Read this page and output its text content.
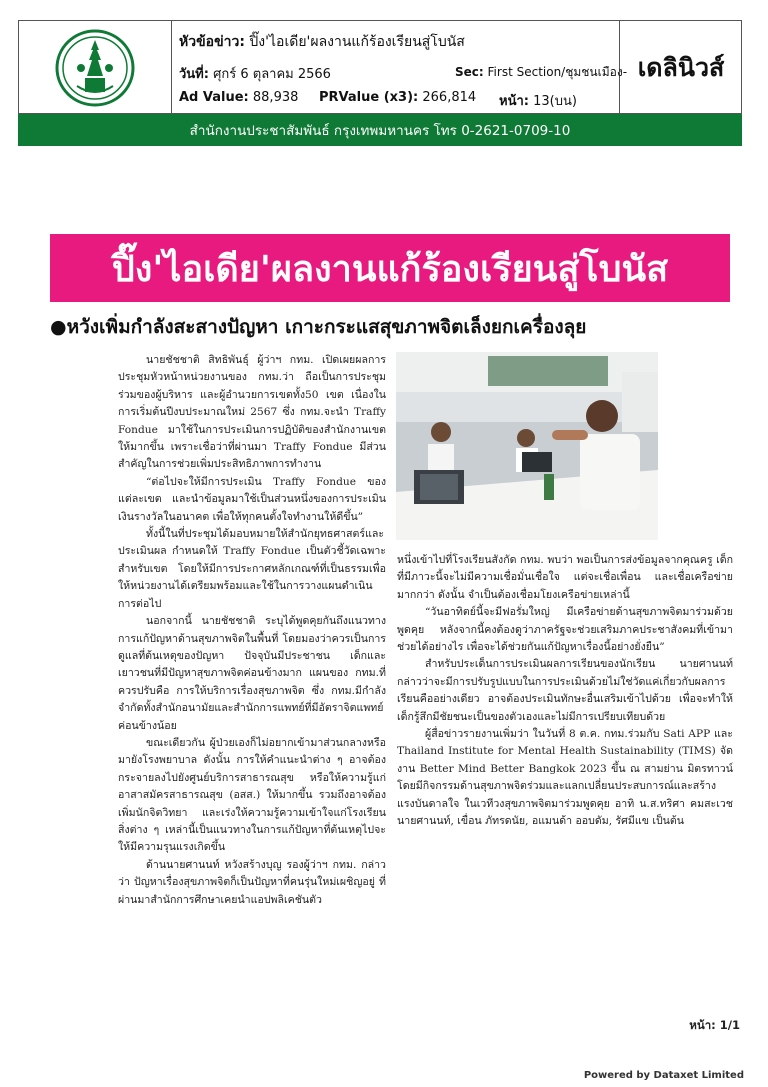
หัวข้อข่าว: ปิ๊ง'ไอเดีย'ผลงานแก้ร้องเรียนสู่โบนัส
วันที่: ศุกร์ 6 ตุลาคม 2566	Sec: First Section/ชุมชนเมือง-
Ad Value: 88,938 PRValue (x3): 266,814 หน้า: 13(บน)
เดลินิวส์
สำนักงานประชาสัมพันธ์ กรุงเทพมหานคร โทร 0-2621-0709-10
ปิ๊ง'ไอเดีย'ผลงานแก้ร้องเรียนสู่โบนัส
●หวังเพิ่มกำลังสะสางปัญหา เกาะกระแสสุขภาพจิตเล็งยกเครื่องลุย

นายชัชชาติ สิทธิพันธุ์ ผู้ว่าฯ กทม. เปิดเผยผลการประชุมหัวหน้าหน่วยงานของ กทม.ว่า ถือเป็นการประชุมร่วมของผู้บริหาร และผู้อำนวยการเขตทั้ง50 เขต เนื่องในการเริ่มต้นปีงบประมาณใหม่ 2567 ซึ่ง กทม.จะนำ Traffy Fondue มาใช้ในการประเมินการปฏิบัติของสำนักงานเขตให้มากขึ้น เพราะเชื่อว่าที่ผ่านมา Traffy Fondue มีส่วนสำคัญในการช่วยเพิ่มประสิทธิภาพการทำงาน

“ต่อไปจะให้มีการประเมิน Traffy Fondue ของแต่ละเขต และนำข้อมูลมาใช้เป็นส่วนหนึ่งของการประเมินเงินรางวัลในอนาคต เพื่อให้ทุกคนตั้งใจทำงานให้ดีขึ้น”

ทั้งนี้ในที่ประชุมได้มอบหมายให้สำนักยุทธศาสตร์และประเมินผล กำหนดให้ Traffy Fondue เป็นตัวชี้วัดเฉพาะสำหรับเขต โดยให้มีการประกาศหลักเกณฑ์ที่เป็นธรรมเพื่อให้หน่วยงานได้เตรียมพร้อมและใช้ในการวางแผนดำเนินการต่อไป

นอกจากนี้ นายชัชชาติ ระบุได้พูดคุยกันถึงแนวทางการแก้ปัญหาด้านสุขภาพจิตในพื้นที่ โดยมองว่าควรเป็นการดูแลที่ต้นเหตุของปัญหา ปัจจุบันมีประชาชน เด็กและเยาวชนที่มีปัญหาสุขภาพจิตค่อนข้างมาก แผนของ กทม.ที่ควรปรับคือ การให้บริการเรื่องสุขภาพจิต ซึ่ง กทม.มีกำลังจำกัดทั้งสำนักอนามัยและสำนักการแพทย์ที่มีอัตราจิตแพทย์ค่อนข้างน้อย

ขณะเดียวกัน ผู้ป่วยเองก็ไม่อยากเข้ามาส่วนกลางหรือมายังโรงพยาบาล ดังนั้น การให้คำแนะนำต่าง ๆ อาจต้องกระจายลงไปยังศูนย์บริการสาธารณสุข หรือให้ความรู้แก่อาสาสมัครสาธารณสุข (อสส.) ให้มากขึ้น รวมถึงอาจต้องเพิ่มนักจิตวิทยา และเร่งให้ความรู้ความเข้าใจแก่โรงเรียน สิ่งต่าง ๆ เหล่านี้เป็นแนวทางในการแก้ปัญหาที่ต้นเหตุไปจะให้มีความรุนแรงเกิดขึ้น

ด้านนายศานนท์ หวังสร้างบุญ รองผู้ว่าฯ กทม. กล่าวว่า ปัญหาเรื่องสุขภาพจิตก็เป็นปัญหาที่คนรุ่นใหม่เผชิญอยู่ ที่ผ่านมาสำนักการศึกษาเคยนำแอปพลิเคชันตัว

หนึ่งเข้าไปที่โรงเรียนสังกัด กทม. พบว่า พอเป็นการส่งข้อมูลจากคุณครู เด็กที่มีภาวะนี้จะไม่มีความเชื่อมั่นเชื่อใจ แต่จะเชื่อเพื่อน และเชื่อเครือข่ายมากกว่า ดังนั้น จำเป็นต้องเชื่อมโยงเครือข่ายเหล่านี้

“วันอาทิตย์นี้จะมีฟอรั่มใหญ่ มีเครือข่ายด้านสุขภาพจิตมาร่วมด้วยพูดคุย หลังจากนี้คงต้องดูว่าภาครัฐจะช่วยเสริมภาคประชาสังคมที่เข้ามาช่วยได้อย่างไร เพื่อจะได้ช่วยกันแก้ปัญหาเรื่องนี้อย่างยั่งยืน”

สำหรับประเด็นการประเมินผลการเรียนของนักเรียน นายศานนท์ กล่าวว่าจะมีการปรับรูปแบบในการประเมินด้วยไม่ใช่วัดแค่เกี่ยวกับผลการเรียนคืออย่างเดียว อาจต้องประเมินทักษะอื่นเสริมเข้าไปด้วย เพื่อจะทำให้เด็กรู้สึกมีชัยชนะเป็นของตัวเองและไม่มีการเปรียบเทียบด้วย

ผู้สื่อข่าวรายงานเพิ่มว่า ในวันที่ 8 ต.ค. กทม.ร่วมกับ Sati APP และ Thailand Institute for Mental Health Sustainability (TIMS) จัดงาน Better Mind Better Bangkok 2023 ขึ้น ณ สามย่าน มิตรทาวน์ โดยมีกิจกรรมด้านสุขภาพจิตร่วมและแลกเปลี่ยนประสบการณ์และสร้างแรงบันดาลใจ ในเวทีวงสุขภาพจิตมาร่วมพูดคุย อาทิ น.ส.ทริศา คมสะเวช นายศานนท์, เขื่อน ภัทรดนัย, อแมนด้า ออบดัม, รัศมีแข เป็นต้น

หน้า: 1/1
Powered by Dataxet Limited
